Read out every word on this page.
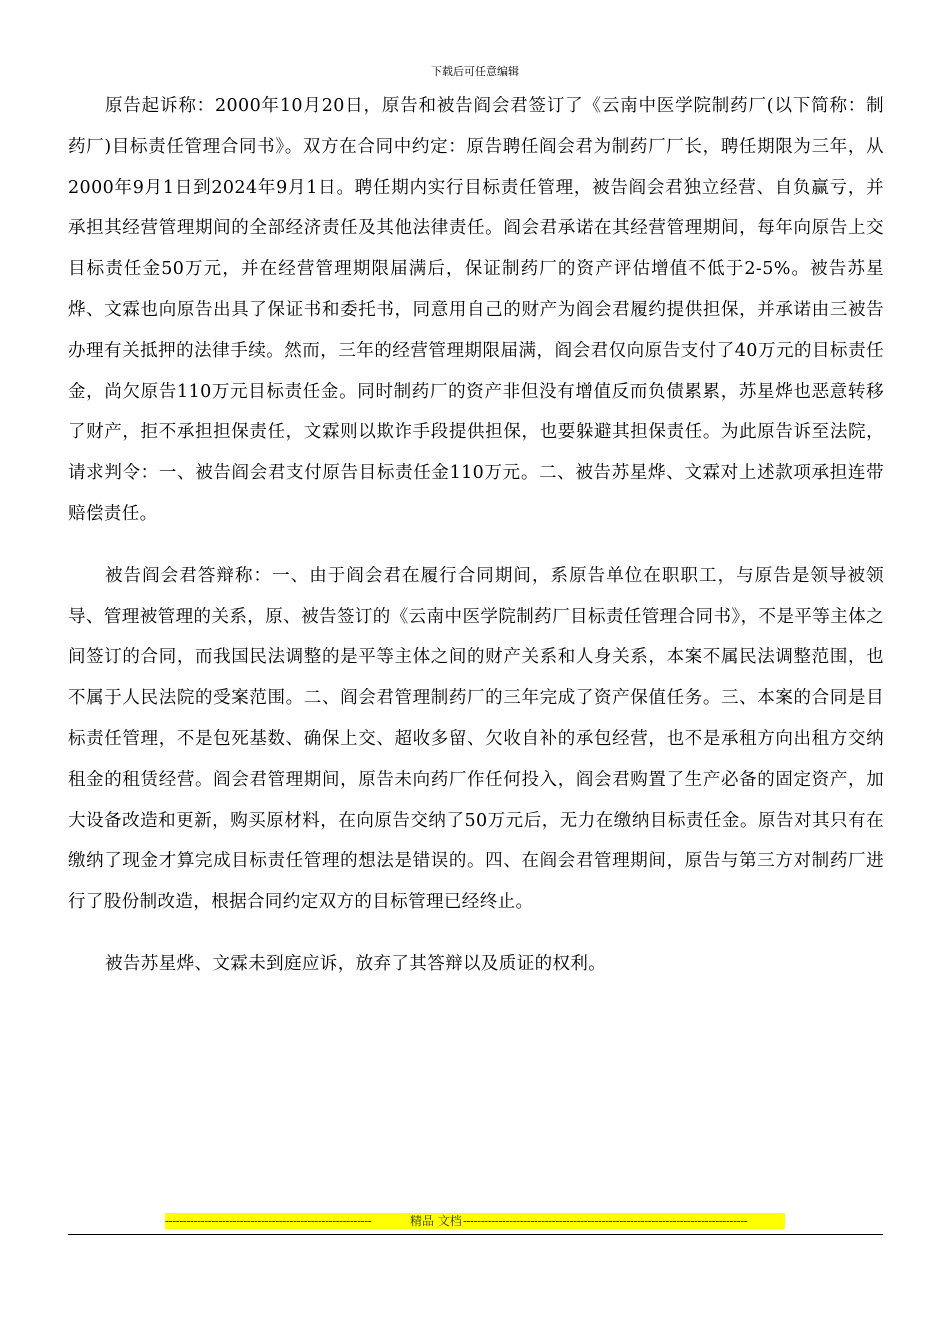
下载后可任意编辑

原告起诉称：2000年10月20日，原告和被告阎会君签订了《云南中医学院制药厂(以下简称：制药厂)目标责任管理合同书》。双方在合同中约定：原告聘任阎会君为制药厂厂长，聘任期限为三年，从2000年9月1日到2024年9月1日。聘任期内实行目标责任管理，被告阎会君独立经营、自负赢亏，并承担其经营管理期间的全部经济责任及其他法律责任。阎会君承诺在其经营管理期间，每年向原告上交目标责任金50万元，并在经营管理期限届满后，保证制药厂的资产评估增值不低于2-5%。被告苏星烨、文霖也向原告出具了保证书和委托书，同意用自己的财产为阎会君履约提供担保，并承诺由三被告办理有关抵押的法律手续。然而，三年的经营管理期限届满，阎会君仅向原告支付了40万元的目标责任金，尚欠原告110万元目标责任金。同时制药厂的资产非但没有增值反而负债累累，苏星烨也恶意转移了财产，拒不承担担保责任，文霖则以欺诈手段提供担保，也要躲避其担保责任。为此原告诉至法院，请求判令：一、被告阎会君支付原告目标责任金110万元。二、被告苏星烨、文霖对上述款项承担连带赔偿责任。

被告阎会君答辩称：一、由于阎会君在履行合同期间，系原告单位在职职工，与原告是领导被领导、管理被管理的关系，原、被告签订的《云南中医学院制药厂目标责任管理合同书》，不是平等主体之间签订的合同，而我国民法调整的是平等主体之间的财产关系和人身关系，本案不属民法调整范围，也不属于人民法院的受案范围。二、阎会君管理制药厂的三年完成了资产保值任务。三、本案的合同是目标责任管理，不是包死基数、确保上交、超收多留、欠收自补的承包经营，也不是承租方向出租方交纳租金的租赁经营。阎会君管理期间，原告未向药厂作任何投入，阎会君购置了生产必备的固定资产，加大设备改造和更新，购买原材料，在向原告交纳了50万元后，无力在缴纳目标责任金。原告对其只有在缴纳了现金才算完成目标责任管理的想法是错误的。四、在阎会君管理期间，原告与第三方对制药厂进行了股份制改造，根据合同约定双方的目标管理已经终止。

被告苏星烨、文霖未到庭应诉，放弃了其答辩以及质证的权利。

----------------------------------------------------------	精品 文档 --------------------------------------------------------------------------------
